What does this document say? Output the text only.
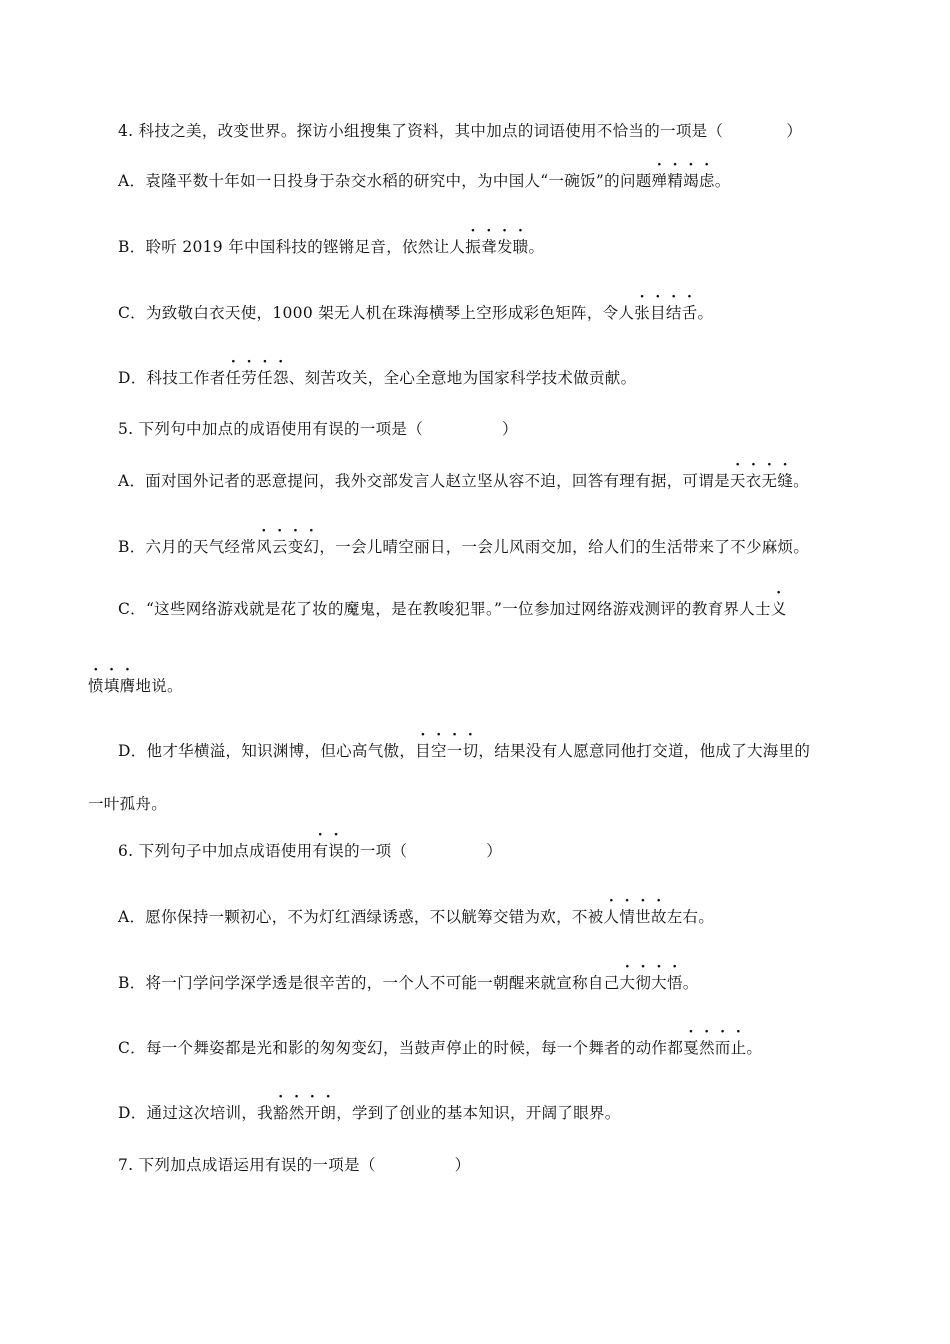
4. 科技之美，改变世界。探访小组搜集了资料，其中加点的词语使用不恰当的一项是（　　　　）
A．袁隆平数十年如一日投身于杂交水稻的研究中，为中国人“一碗饭”的问题殚精竭虑。
B．聆听 2019 年中国科技的铿锵足音，依然让人振聋发聩。
C．为致敬白衣天使，1000 架无人机在珠海横琴上空形成彩色矩阵，令人张目结舌。
D．科技工作者任劳任怨、刻苦攻关，全心全意地为国家科学技术做贡献。
5. 下列句中加点的成语使用有误的一项是（　　　　　）
A．面对国外记者的恶意提问，我外交部发言人赵立坚从容不迫，回答有理有据，可谓是天衣无缝。
B．六月的天气经常风云变幻，一会儿晴空丽日，一会儿风雨交加，给人们的生活带来了不少麻烦。
C．“这些网络游戏就是花了妆的魔鬼，是在教唆犯罪。”一位参加过网络游戏测评的教育界人士义
愤填膺地说。
D．他才华横溢，知识渊博，但心高气傲，目空一切，结果没有人愿意同他打交道，他成了大海里的
一叶孤舟。
6. 下列句子中加点成语使用有误的一项（　　　　　）
A．愿你保持一颗初心，不为灯红酒绿诱惑，不以觥筹交错为欢，不被人情世故左右。
B．将一门学问学深学透是很辛苦的，一个人不可能一朝醒来就宣称自己大彻大悟。
C．每一个舞姿都是光和影的匆匆变幻，当鼓声停止的时候，每一个舞者的动作都戛然而止。
D．通过这次培训，我豁然开朗，学到了创业的基本知识，开阔了眼界。
7. 下列加点成语运用有误的一项是（　　　　　）
